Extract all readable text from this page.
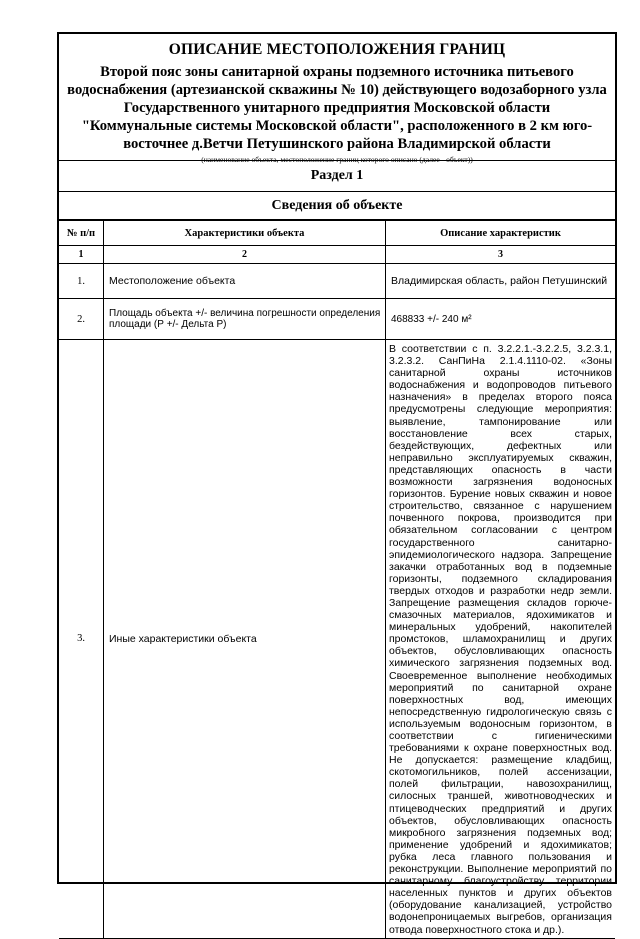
ОПИСАНИЕ МЕСТОПОЛОЖЕНИЯ ГРАНИЦ
Второй пояс зоны санитарной охраны подземного источника питьевого водоснабжения (артезианской скважины № 10) действующего водозаборного узла Государственного унитарного предприятия Московской области "Коммунальные системы Московской области", расположенного в 2 км юго-восточнее д.Ветчи Петушинского района Владимирской области
(наименование объекта, местоположение границ которого описано (далее - объект))
Раздел 1
Сведения об объекте
№ п/п	Характеристики объекта	Описание характеристик
1	2	3
1.	Местоположение объекта	Владимирская область, район Петушинский
2.	Площадь объекта +/- величина погрешности определения площади (Р +/- Дельта Р)	468833 +/- 240 м²
3.	Иные характеристики объекта	В соответствии с п. 3.2.2.1.-3.2.2.5, 3.2.3.1, 3.2.3.2. СанПиНа 2.1.4.1110-02. «Зоны санитарной охраны источников водоснабжения и водопроводов питьевого назначения» в пределах второго пояса предусмотрены следующие мероприятия: выявление, тампонирование или восстановление всех старых, бездействующих, дефектных или неправильно эксплуатируемых скважин, представляющих опасность в части возможности загрязнения водоносных горизонтов. Бурение новых скважин и новое строительство, связанное с нарушением почвенного покрова, производится при обязательном согласовании с центром государственного санитарно-эпидемиологического надзора. Запрещение закачки отработанных вод в подземные горизонты, подземного складирования твердых отходов и разработки недр земли. Запрещение размещения складов горюче-смазочных материалов, ядохимикатов и минеральных удобрений, накопителей промстоков, шламохранилищ и других объектов, обусловливающих опасность химического загрязнения подземных вод. Своевременное выполнение необходимых мероприятий по санитарной охране поверхностных вод, имеющих непосредственную гидрологическую связь с используемым водоносным горизонтом, в соответствии с гигиеническими требованиями к охране поверхностных вод. Не допускается: размещение кладбищ, скотомогильников, полей ассенизации, полей фильтрации, навозохранилищ, силосных траншей, животноводческих и птицеводческих предприятий и других объектов, обусловливающих опасность микробного загрязнения подземных вод; применение удобрений и ядохимикатов; рубка леса главного пользования и реконструкции. Выполнение мероприятий по санитарному благоустройству территории населенных пунктов и других объектов (оборудование канализацией, устройство водонепроницаемых выгребов, организация отвода поверхностного стока и др.).
